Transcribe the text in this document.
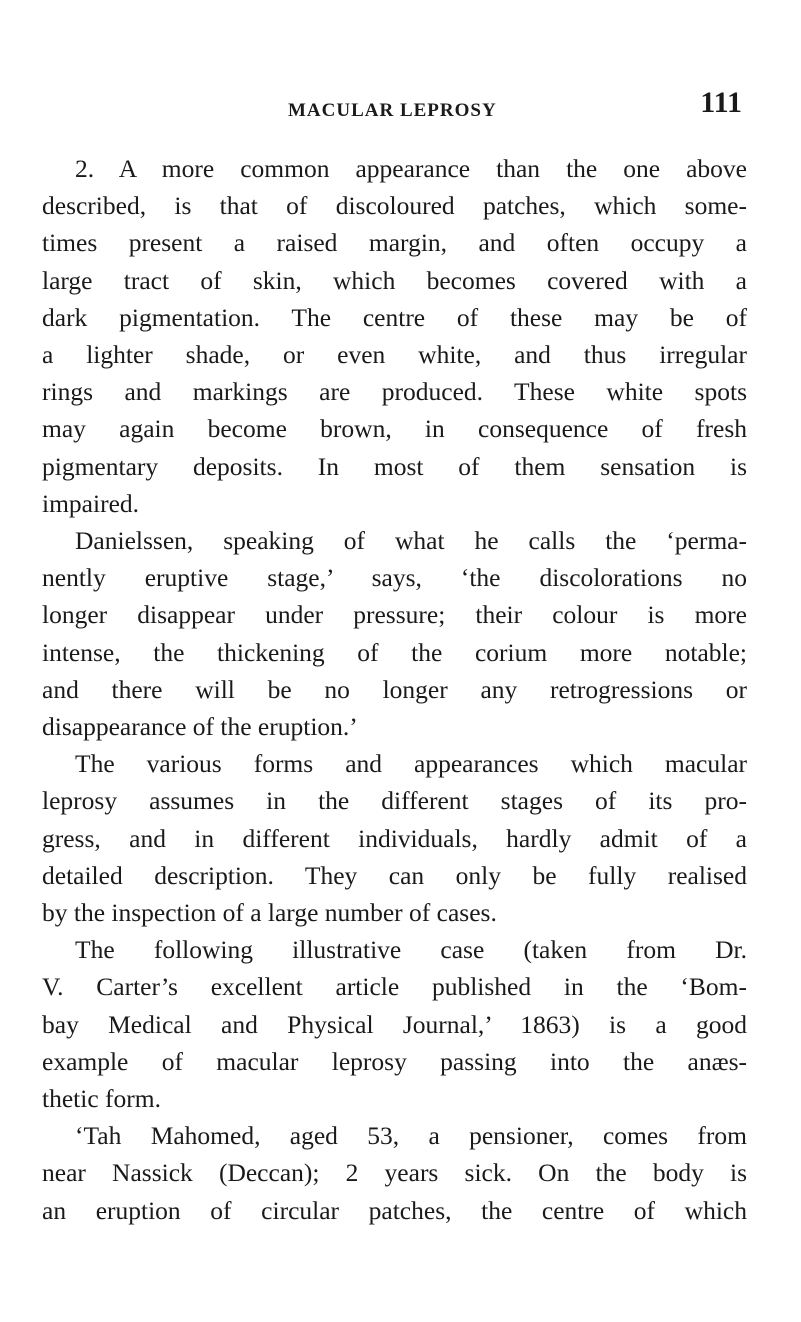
MACULAR LEPROSY	111
2. A more common appearance than the one above
described, is that of discoloured patches, which some-
times present a raised margin, and often occupy a
large tract of skin, which becomes covered with a
dark pigmentation. The centre of these may be of
a lighter shade, or even white, and thus irregular
rings and markings are produced. These white spots
may again become brown, in consequence of fresh
pigmentary deposits. In most of them sensation is
impaired.
Danielssen, speaking of what he calls the ‘perma-
nently eruptive stage,’ says, ‘the discolorations no
longer disappear under pressure; their colour is more
intense, the thickening of the corium more notable;
and there will be no longer any retrogressions or
disappearance of the eruption.’
The various forms and appearances which macular
leprosy assumes in the different stages of its pro-
gress, and in different individuals, hardly admit of a
detailed description. They can only be fully realised
by the inspection of a large number of cases.
The following illustrative case (taken from Dr.
V. Carter’s excellent article published in the ‘Bom-
bay Medical and Physical Journal,’ 1863) is a good
example of macular leprosy passing into the anæs-
thetic form.
‘Tah Mahomed, aged 53, a pensioner, comes from
near Nassick (Deccan); 2 years sick. On the body is
an eruption of circular patches, the centre of which
